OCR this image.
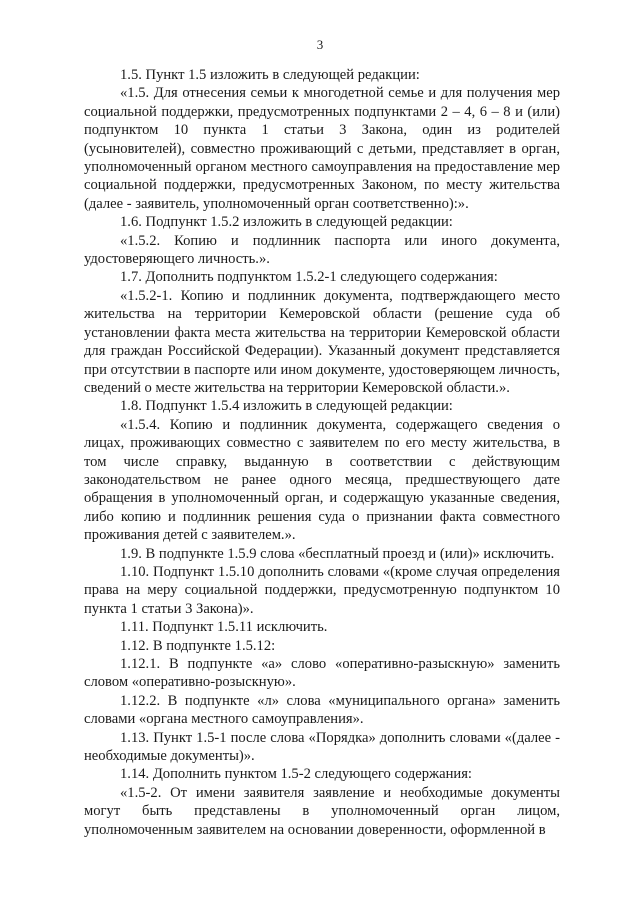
3

1.5. Пункт 1.5 изложить в следующей редакции:

«1.5. Для отнесения семьи к многодетной семье и для получения мер социальной поддержки, предусмотренных подпунктами 2 – 4, 6 – 8 и (или) подпунктом 10 пункта 1 статьи 3 Закона, один из родителей (усыновителей), совместно проживающий с детьми, представляет в орган, уполномоченный органом местного самоуправления на предоставление мер социальной поддержки, предусмотренных Законом, по месту жительства (далее - заявитель, уполномоченный орган соответственно):».

1.6. Подпункт 1.5.2 изложить в следующей редакции:

«1.5.2. Копию и подлинник паспорта или иного документа, удостоверяющего личность.».

1.7. Дополнить подпунктом 1.5.2-1 следующего содержания:

«1.5.2-1. Копию и подлинник документа, подтверждающего место жительства на территории Кемеровской области (решение суда об установлении факта места жительства на территории Кемеровской области для граждан Российской Федерации). Указанный документ представляется при отсутствии в паспорте или ином документе, удостоверяющем личность, сведений о месте жительства на территории Кемеровской области.».

1.8. Подпункт 1.5.4 изложить в следующей редакции:

«1.5.4. Копию и подлинник документа, содержащего сведения о лицах, проживающих совместно с заявителем по его месту жительства, в том числе справку, выданную в соответствии с действующим законодательством не ранее одного месяца, предшествующего дате обращения в уполномоченный орган, и содержащую указанные сведения, либо копию и подлинник решения суда о признании факта совместного проживания детей с заявителем.».

1.9. В подпункте 1.5.9 слова «бесплатный проезд и (или)» исключить.

1.10. Подпункт 1.5.10 дополнить словами «(кроме случая определения права на меру социальной поддержки, предусмотренную подпунктом 10 пункта 1 статьи 3 Закона)».

1.11. Подпункт 1.5.11 исключить.

1.12. В подпункте 1.5.12:

1.12.1. В подпункте «а» слово «оперативно-разыскную» заменить словом «оперативно-розыскную».

1.12.2. В подпункте «л» слова «муниципального органа» заменить словами «органа местного самоуправления».

1.13. Пункт 1.5-1 после слова «Порядка» дополнить словами «(далее - необходимые документы)».

1.14. Дополнить пунктом 1.5-2 следующего содержания:

«1.5-2. От имени заявителя заявление и необходимые документы могут быть представлены в уполномоченный орган лицом, уполномоченным заявителем на основании доверенности, оформленной в
